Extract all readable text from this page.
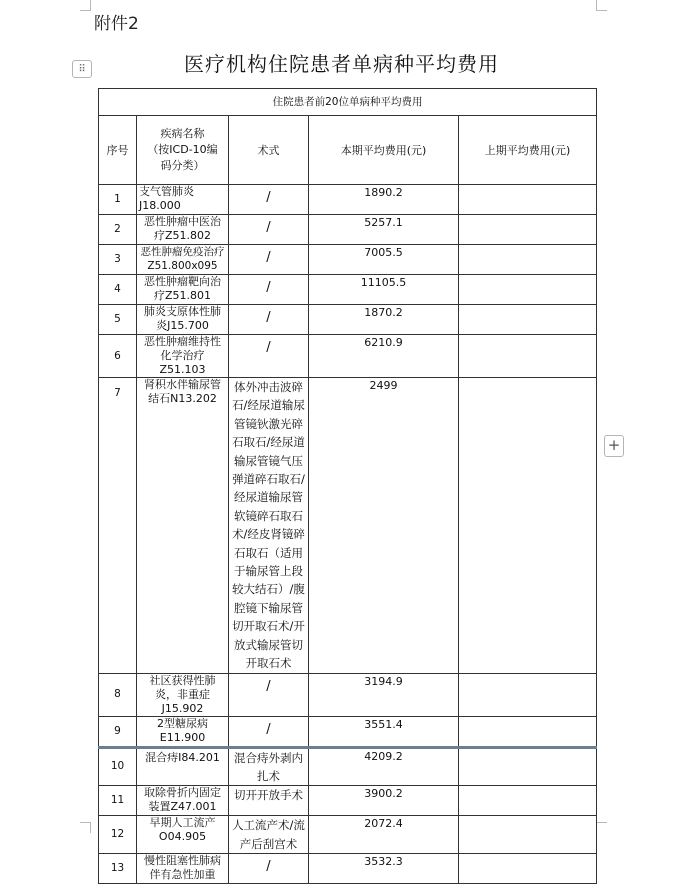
附件2
⠿
+
医疗机构住院患者单病种平均费用
住院患者前20位单病种平均费用				
序号	疾病名称
（按ICD-10编
码分类）	术式	本期平均费用(元)	上期平均费用(元)
1	支气管肺炎J18.000	/	1890.2	
2	恶性肿瘤中医治疗Z51.802	/	5257.1	
3	恶性肿瘤免疫治疗Z51.800x095	/	7005.5	
4	恶性肿瘤靶向治疗Z51.801	/	11105.5	
5	肺炎支原体性肺炎J15.700	/	1870.2	
6	恶性肿瘤维持性化学治疗Z51.103	/	6210.9	
7	肾积水伴输尿管结石N13.202	体外冲击波碎石/经尿道输尿管镜钬激光碎石取石/经尿道输尿管镜气压弹道碎石取石/经尿道输尿管软镜碎石取石术/经皮肾镜碎石取石（适用于输尿管上段较大结石）/腹腔镜下输尿管切开取石术/开放式输尿管切开取石术	2499	
8	社区获得性肺炎，非重症J15.902	/	3194.9	
9	2型糖尿病E11.900	/	3551.4	
10	混合痔I84.201	混合痔外剥内扎术	4209.2	
11	取除骨折内固定装置Z47.001	切开开放手术	3900.2	
12	早期人工流产O04.905	人工流产术/流产后刮宫术	2072.4	
13	慢性阻塞性肺病伴有急性加重	/	3532.3	
